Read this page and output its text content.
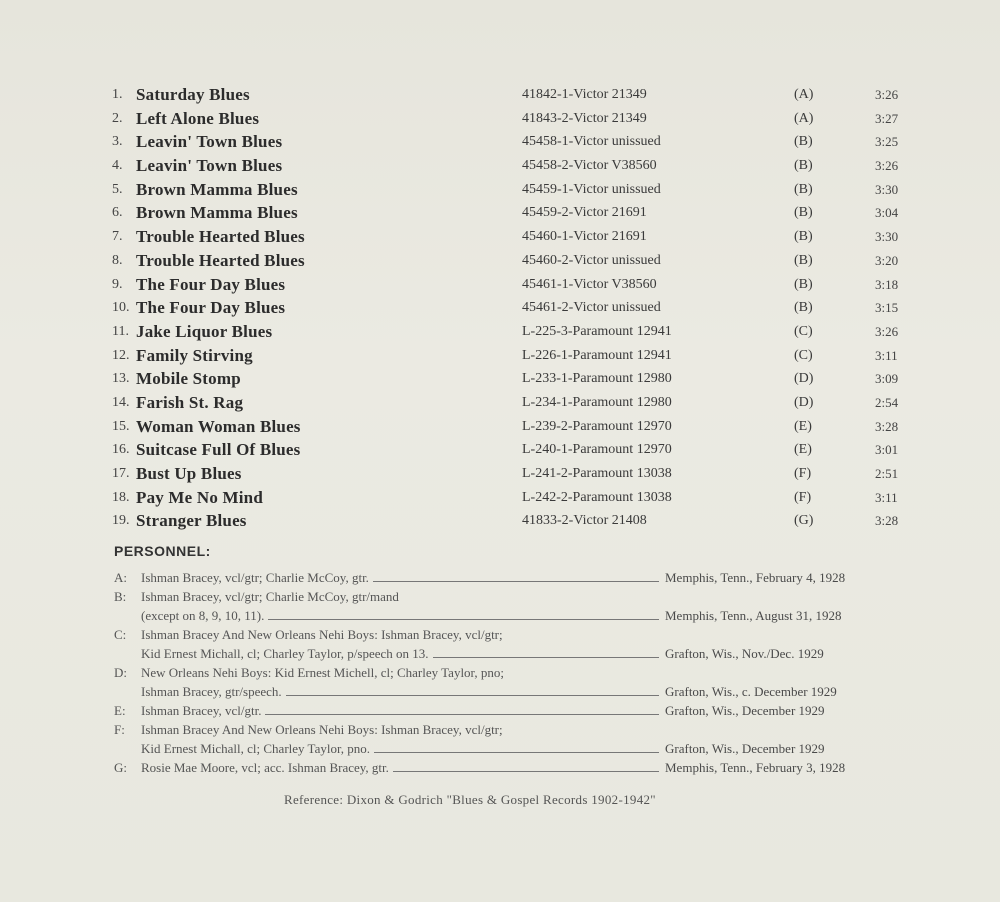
1. Saturday Blues	41842-1-Victor 21349	(A)	3:26
2. Left Alone Blues	41843-2-Victor 21349	(A)	3:27
3. Leavin' Town Blues	45458-1-Victor unissued	(B)	3:25
4. Leavin' Town Blues	45458-2-Victor V38560	(B)	3:26
5. Brown Mamma Blues	45459-1-Victor unissued	(B)	3:30
6. Brown Mamma Blues	45459-2-Victor 21691	(B)	3:04
7. Trouble Hearted Blues	45460-1-Victor 21691	(B)	3:30
8. Trouble Hearted Blues	45460-2-Victor unissued	(B)	3:20
9. The Four Day Blues	45461-1-Victor V38560	(B)	3:18
10. The Four Day Blues	45461-2-Victor unissued	(B)	3:15
11. Jake Liquor Blues	L-225-3-Paramount 12941	(C)	3:26
12. Family Stirving	L-226-1-Paramount 12941	(C)	3:11
13. Mobile Stomp	L-233-1-Paramount 12980	(D)	3:09
14. Farish St. Rag	L-234-1-Paramount 12980	(D)	2:54
15. Woman Woman Blues	L-239-2-Paramount 12970	(E)	3:28
16. Suitcase Full Of Blues	L-240-1-Paramount 12970	(E)	3:01
17. Bust Up Blues	L-241-2-Paramount 13038	(F)	2:51
18. Pay Me No Mind	L-242-2-Paramount 13038	(F)	3:11
19. Stranger Blues	41833-2-Victor 21408	(G)	3:28
PERSONNEL:
A:	Ishman Bracey, vcl/gtr; Charlie McCoy, gtr.	Memphis, Tenn., February 4, 1928
B:	Ishman Bracey, vcl/gtr; Charlie McCoy, gtr/mand
(except on 8, 9, 10, 11).	Memphis, Tenn., August 31, 1928
C:	Ishman Bracey And New Orleans Nehi Boys: Ishman Bracey, vcl/gtr;
Kid Ernest Michall, cl; Charley Taylor, p/speech on 13.	Grafton, Wis., Nov./Dec. 1929
D:	New Orleans Nehi Boys: Kid Ernest Michell, cl; Charley Taylor, pno;
Ishman Bracey, gtr/speech.	Grafton, Wis., c. December 1929
E:	Ishman Bracey, vcl/gtr.	Grafton, Wis., December 1929
F:	Ishman Bracey And New Orleans Nehi Boys: Ishman Bracey, vcl/gtr;
Kid Ernest Michall, cl; Charley Taylor, pno.	Grafton, Wis., December 1929
G:	Rosie Mae Moore, vcl; acc. Ishman Bracey, gtr.	Memphis, Tenn., February 3, 1928
Reference: Dixon & Godrich "Blues & Gospel Records 1902-1942"
